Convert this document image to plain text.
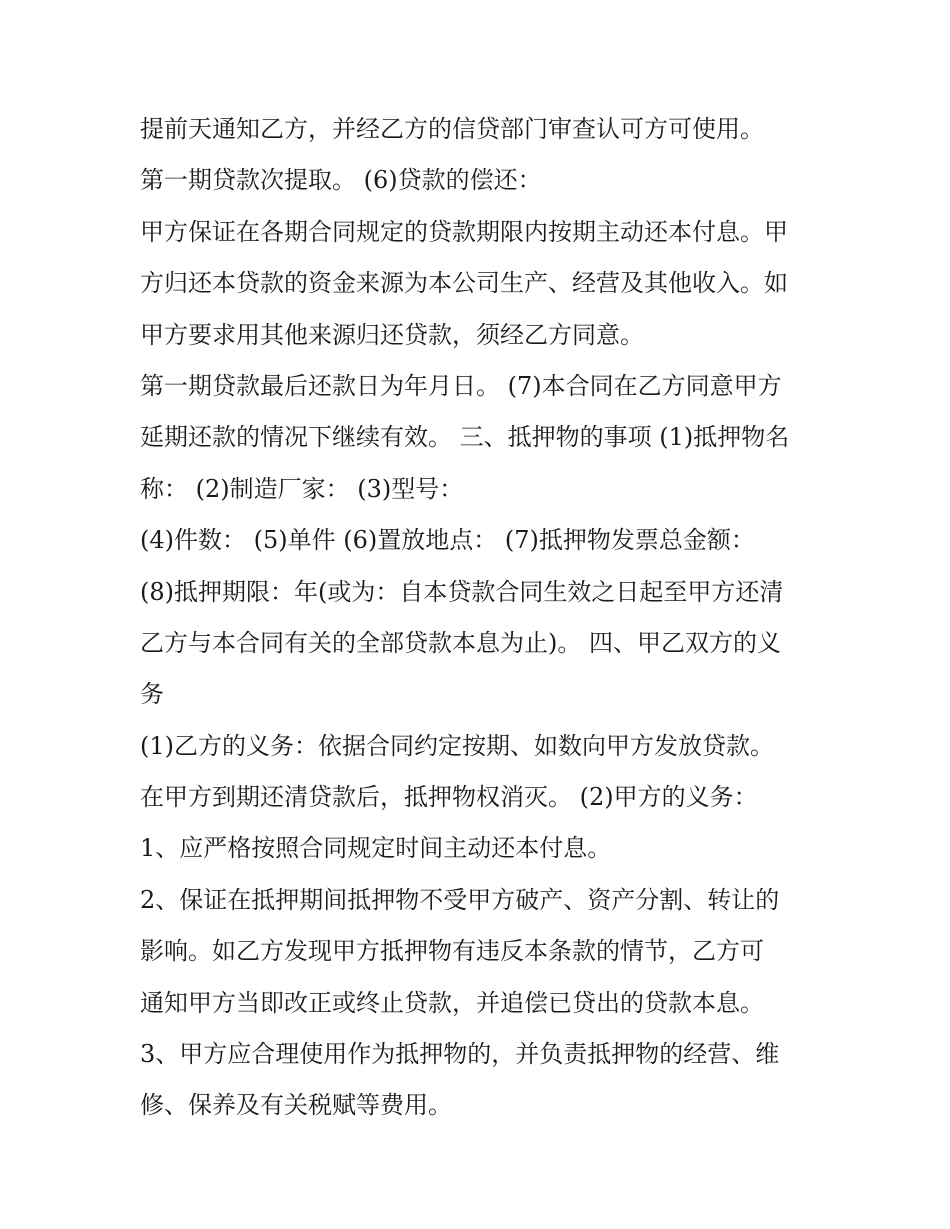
提前天通知乙方，并经乙方的信贷部门审查认可方可使用。
第一期贷款次提取。 (6)贷款的偿还：
甲方保证在各期合同规定的贷款期限内按期主动还本付息。甲
方归还本贷款的资金来源为本公司生产、经营及其他收入。如
甲方要求用其他来源归还贷款，须经乙方同意。
第一期贷款最后还款日为年月日。 (7)本合同在乙方同意甲方
延期还款的情况下继续有效。 三、抵押物的事项 (1)抵押物名
称： (2)制造厂家： (3)型号：
(4)件数： (5)单件 (6)置放地点： (7)抵押物发票总金额：
(8)抵押期限：年(或为：自本贷款合同生效之日起至甲方还清
乙方与本合同有关的全部贷款本息为止)。 四、甲乙双方的义
务
(1)乙方的义务：依据合同约定按期、如数向甲方发放贷款。
在甲方到期还清贷款后，抵押物权消灭。 (2)甲方的义务：
1、应严格按照合同规定时间主动还本付息。
2、保证在抵押期间抵押物不受甲方破产、资产分割、转让的
影响。如乙方发现甲方抵押物有违反本条款的情节，乙方可
通知甲方当即改正或终止贷款，并追偿已贷出的贷款本息。
3、甲方应合理使用作为抵押物的，并负责抵押物的经营、维
修、保养及有关税赋等费用。
